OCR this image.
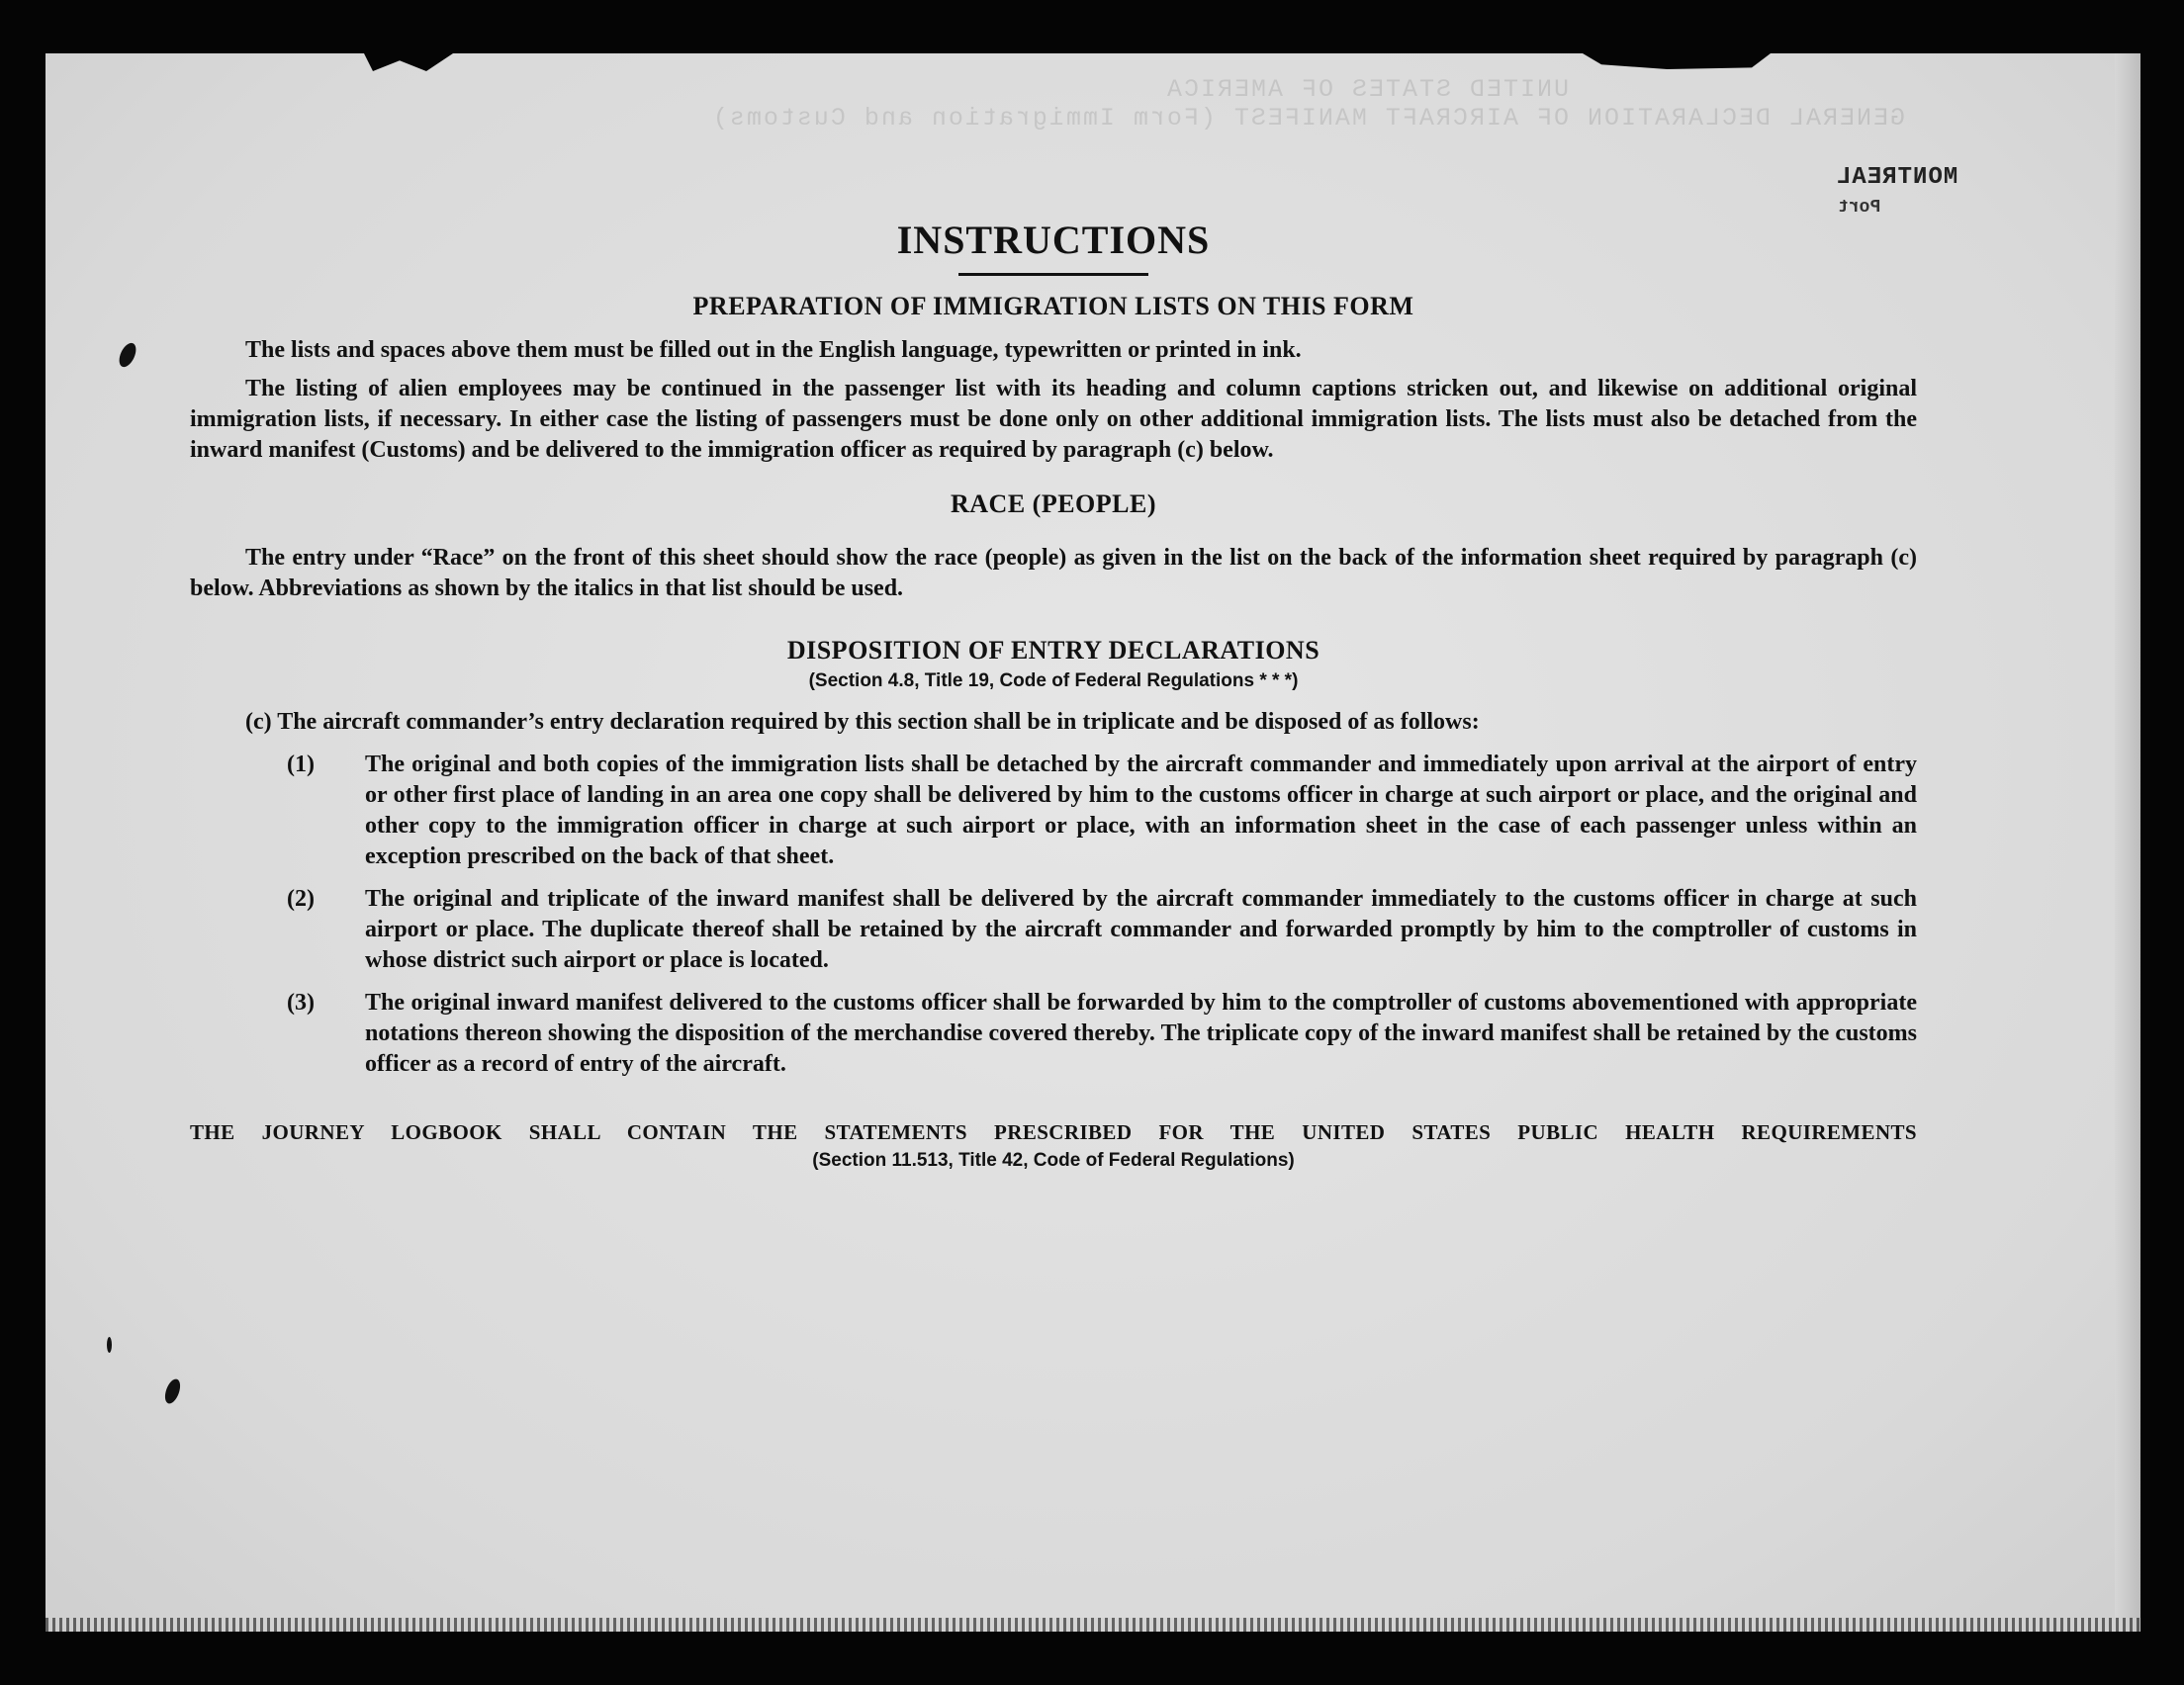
UNITED STATES OF AMERICA
GENERAL DECLARATION OF AIRCRAFT MANIFEST (Form Immigration and Customs)
MONTREAL
Port
INSTRUCTIONS
PREPARATION OF IMMIGRATION LISTS ON THIS FORM

The lists and spaces above them must be filled out in the English language, typewritten or printed in ink.

The listing of alien employees may be continued in the passenger list with its heading and column captions stricken out, and likewise on additional original immigration lists, if necessary. In either case the listing of passengers must be done only on other additional immigration lists. The lists must also be detached from the inward manifest (Customs) and be delivered to the immigration officer as required by paragraph (c) below.

RACE (PEOPLE)

The entry under “Race” on the front of this sheet should show the race (people) as given in the list on the back of the information sheet required by paragraph (c) below. Abbreviations as shown by the italics in that list should be used.

DISPOSITION OF ENTRY DECLARATIONS

(Section 4.8, Title 19, Code of Federal Regulations * * *)

(c) The aircraft commander’s entry declaration required by this section shall be in triplicate and be disposed of as follows:

(1) The original and both copies of the immigration lists shall be detached by the aircraft commander and immediately upon arrival at the airport of entry or other first place of landing in an area one copy shall be delivered by him to the customs officer in charge at such airport or place, and the original and other copy to the immigration officer in charge at such airport or place, with an information sheet in the case of each passenger unless within an exception prescribed on the back of that sheet.
(2) The original and triplicate of the inward manifest shall be delivered by the aircraft commander immediately to the customs officer in charge at such airport or place. The duplicate thereof shall be retained by the aircraft commander and forwarded promptly by him to the comptroller of customs in whose district such airport or place is located.
(3) The original inward manifest delivered to the customs officer shall be forwarded by him to the comptroller of customs abovementioned with appropriate notations thereon showing the disposition of the merchandise covered thereby. The triplicate copy of the inward manifest shall be retained by the customs officer as a record of entry of the aircraft.

THE JOURNEY LOGBOOK SHALL CONTAIN THE STATEMENTS PRESCRIBED FOR THE UNITED STATES PUBLIC HEALTH REQUIREMENTS

(Section 11.513, Title 42, Code of Federal Regulations)
